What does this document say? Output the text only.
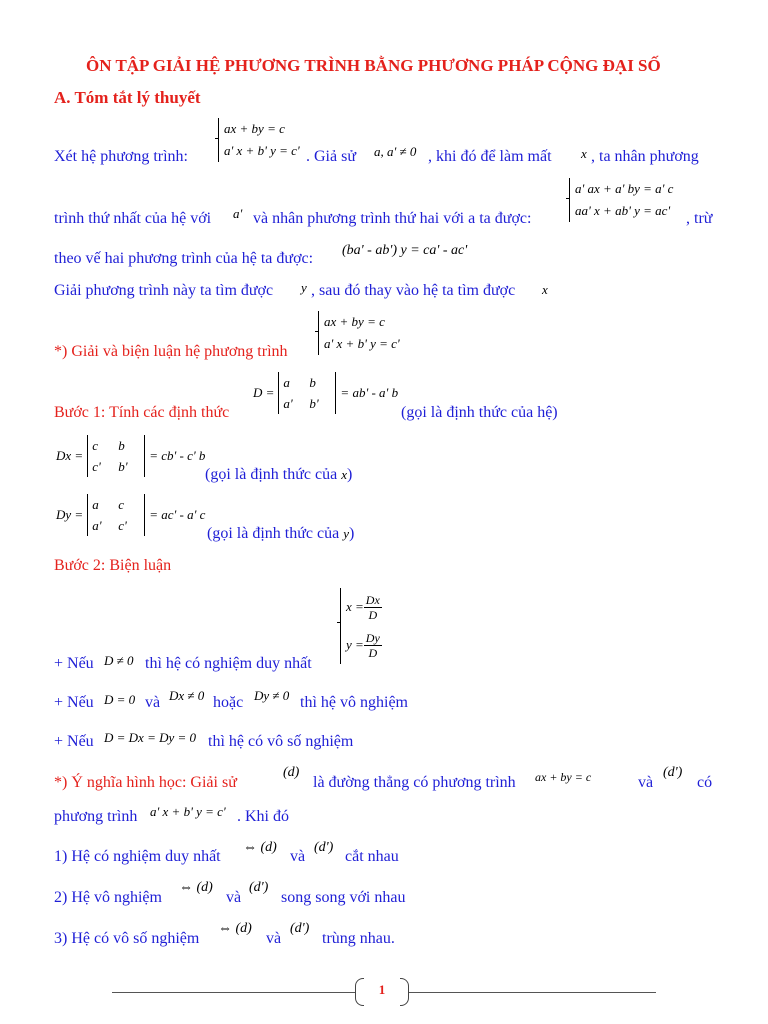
ÔN TẬP GIẢI HỆ PHƯƠNG TRÌNH BẰNG PHƯƠNG PHÁP CỘNG ĐẠI SỐ
A. Tóm tắt lý thuyết
Xét hệ phương trình:
ax + by = c
a' x + b' y = c' . Giả sử a, a' ≠ 0 , khi đó để làm mất x , ta nhân phương
trình thứ nhất của hệ với a' và nhân phương trình thứ hai với a ta được:
a' ax + a' by = a' c
aa' x + ab' y = ac' , trừ
theo vế hai phương trình của hệ ta được: (ba' - ab') y = ca' - ac'
Giải phương trình này ta tìm được y , sau đó thay vào hệ ta tìm được x
*) Giải và biện luận hệ phương trình
ax + by = c
a' x + b' y = c'
Bước 1: Tính các định thức
D =
a	b
a'	b'
= ab' - a' b
(gọi là định thức của hệ)
Dx =
c	b
c'	b'
= cb' - c' b
(gọi là định thức của x)
Dy =
a	c
a'	c'
= ac' - a' c
(gọi là định thức của y)
Bước 2: Biện luận
$x = \frac{Dx}{D}$
$y = \frac{Dy}{D}$
+ Nếu D ≠ 0 thì hệ có nghiệm duy nhất
+ Nếu D = 0 và Dx ≠ 0 hoặc Dy ≠ 0 thì hệ vô nghiệm
+ Nếu D = Dx = Dy = 0 thì hệ có vô số nghiệm
*) Ý nghĩa hình học: Giải sử
(d)
là đường thẳng có phương trình ax + by = c	và
(d')
có
phương trình a' x + b' y = c' . Khi đó
1) Hệ có nghiệm duy nhất
⇔ (d)
và
(d')
cắt nhau
2) Hệ vô nghiệm
⇔ (d)
và
(d')
song song với nhau
3) Hệ có vô số nghiệm
⇔ (d)
và
(d')
trùng nhau.
1
